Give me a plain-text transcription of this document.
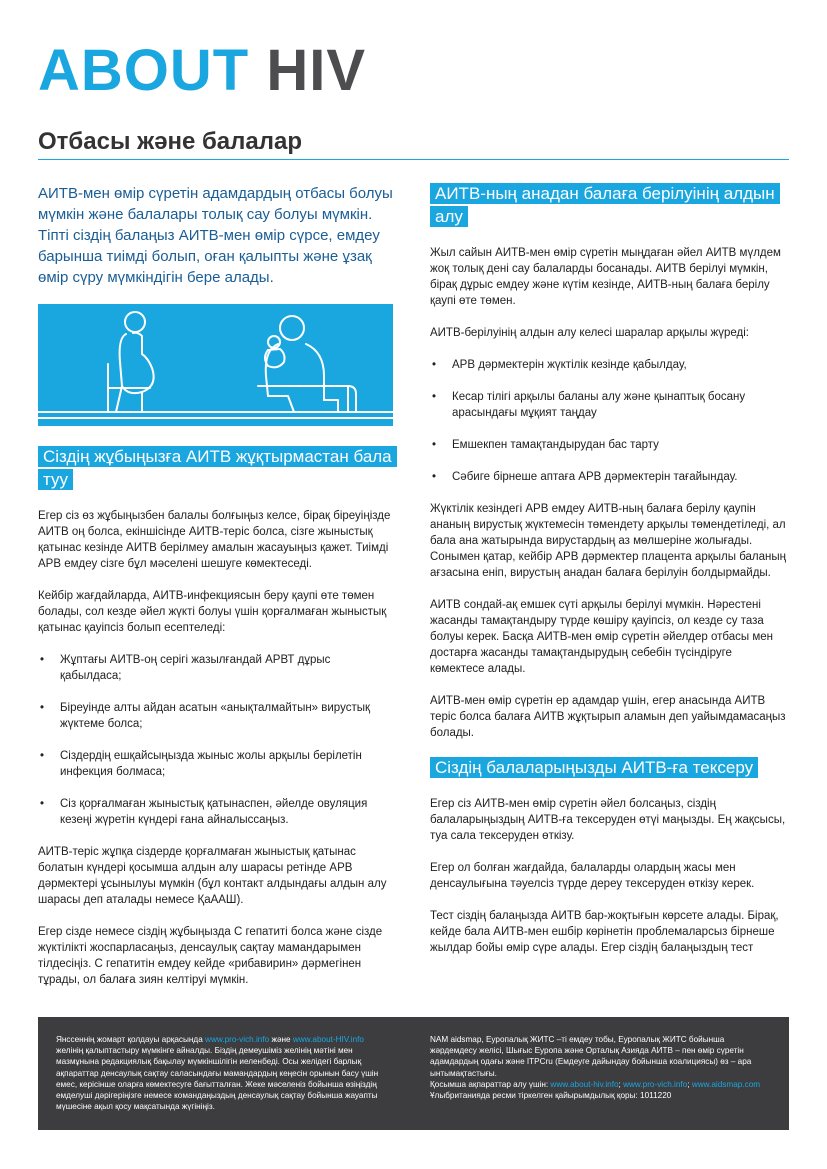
ABOUT HIV
Отбасы және балалар

АИТВ-мен өмір сүретін адамдардың отбасы болуы мүмкін және балалары толық сау болуы мүмкін. Тіпті сіздің балаңыз АИТВ-мен өмір сүрсе, емдеу барынша тиімді болып, оған қалыпты және ұзақ өмір сүру мүмкіндігін бере алады.

Сіздің жұбыңызға АИТВ жұқтырмастан бала туу

Егер сіз өз жұбыңызбен балалы болғыңыз келсе, бірақ біреуіңізде АИТВ оң болса, екіншісінде АИТВ-теріс болса, сізге жыныстық қатынас кезінде АИТВ берілмеу амалын жасауыңыз қажет. Тиімді АРВ емдеу сізге бұл мәселені шешуге көмектеседі.

Кейбір жағдайларда, АИТВ-инфекциясын беру қаупі өте төмен болады, сол кезде әйел жүкті болуы үшін қорғалмаған жыныстық қатынас қауіпсіз болып есептеледі:

• Жұптағы АИТВ-оң серігі жазылғандай АРВТ дұрыс қабылдаса;
• Біреуінде алты айдан асатын «анықталмайтын» вирустық жүктеме болса;
• Сіздердің ешқайсыңызда жыныс жолы арқылы берілетін инфекция болмаса;
• Сіз қорғалмаған жыныстық қатынаспен, әйелде овуляция кезеңі жүретін күндері ғана айналыссаңыз.

АИТВ-теріс жұпқа сіздерде қорғалмаған жыныстық қатынас болатын күндері қосымша алдын алу шарасы ретінде АРВ дәрмектері ұсынылуы мүмкін (бұл контакт алдындағы алдын алу шарасы деп аталады немесе ҚаААШ).

Егер сізде немесе сіздің жұбыңызда С гепатиті болса және сізде жүктілікті жоспарласаңыз, денсаулық сақтау мамандарымен тілдесіңіз. С гепатитін емдеу кейде «рибавирин» дәрмегінен тұрады, ол балаға зиян келтіруі мүмкін.

АИТВ-ның анадан балаға берілуінің алдын алу

Жыл сайын АИТВ-мен өмір сүретін мыңдаған әйел АИТВ мүлдем жоқ толық дені сау балаларды босанады. АИТВ берілуі мүмкін, бірақ дұрыс емдеу және күтім кезінде, АИТВ-ның балаға берілу қаупі өте төмен.

АИТВ-берілуінің алдын алу келесі шаралар арқылы жүреді:

• АРВ дәрмектерін жүктілік кезінде қабылдау,
• Кесар тілігі арқылы баланы алу және қынаптық босану арасындағы мұқият таңдау
• Емшекпен тамақтандырудан бас тарту
• Сәбиге бірнеше аптаға АРВ дәрмектерін тағайындау.

Жүктілік кезіндегі АРВ емдеу АИТВ-ның балаға берілу қаупін ананың вирустық жүктемесін төмендету арқылы төмендетіледі, ал бала ана жатырында вирустардың аз мөлшеріне жолығады. Сонымен қатар, кейбір АРВ дәрмектер плацента арқылы баланың ағзасына еніп, вирустың анадан балаға берілуін болдырмайды.

АИТВ сондай-ақ емшек сүті арқылы берілуі мүмкін. Нәрестені жасанды тамақтандыру түрде көшіру қауіпсіз, ол кезде су таза болуы керек. Басқа АИТВ-мен өмір сүретін әйелдер отбасы мен достарға жасанды тамақтандырудың себебін түсіндіруге көмектесе алады.

АИТВ-мен өмір сүретін ер адамдар үшін, егер анасында АИТВ теріс болса балаға АИТВ жұқтырып аламын деп уайымдамасаңыз болады.

Сіздің балаларыңызды АИТВ-ға тексеру

Егер сіз АИТВ-мен өмір сүретін әйел болсаңыз, сіздің балаларыңыздың АИТВ-ға тексеруден өтүі маңызды. Ең жақсысы, туа сала тексеруден өткізу.

Егер ол болған жағдайда, балаларды олардың жасы мен денсаулығына тәуелсіз түрде дереу тексеруден өткізу керек.

Тест сіздің балаңызда АИТВ бар-жоқтығын көрсете алады. Бірақ, кейде бала АИТВ-мен ешбір көрінетін проблемаларсыз бірнеше жылдар бойы өмір сүре алады. Егер сіздің балаңыздың тест

Янссеннің жомарт қолдауы арқасында www.pro-vich.info және www.about-HIV.info желінің қалыптастыру мүмкінге айналды. Біздің демеушіміз желінің мәтіні мен мазмұнына редакциялық бақылау мүмкіншілігін иеленбеді. Осы желідегі барлық ақпараттар денсаулық сақтау саласындағы мамандардың кеңесін орынын басу үшін емес, керісінше оларға көмектесуге бағытталған. Жеке мәселеніз бойынша өзіңіздің емделуші дәрігеріңізге немесе командаңыздың денсаулық сақтау бойынша жауапты мүшесіне ақыл қосу мақсатында жүгініңіз.
NAM aidsmap, Еуропалық ЖИТС –ті емдеу тобы, Еуропалық ЖИТС бойынша жәрдемдесу желісі, Шығыс Еуропа және Орталық Азияда АИТВ – пен өмір сүретін адамдардың одағы және ITPCru (Емдеуге дайындау бойынша коалициясы) өз – ара ынтымақтастығы.
Қосымша ақпараттар алу үшін: www.about-hiv.info; www.pro-vich.info; www.aidsmap.com
Ұлыбританияда ресми тіркелген қайырымдылық қоры: 1011220
